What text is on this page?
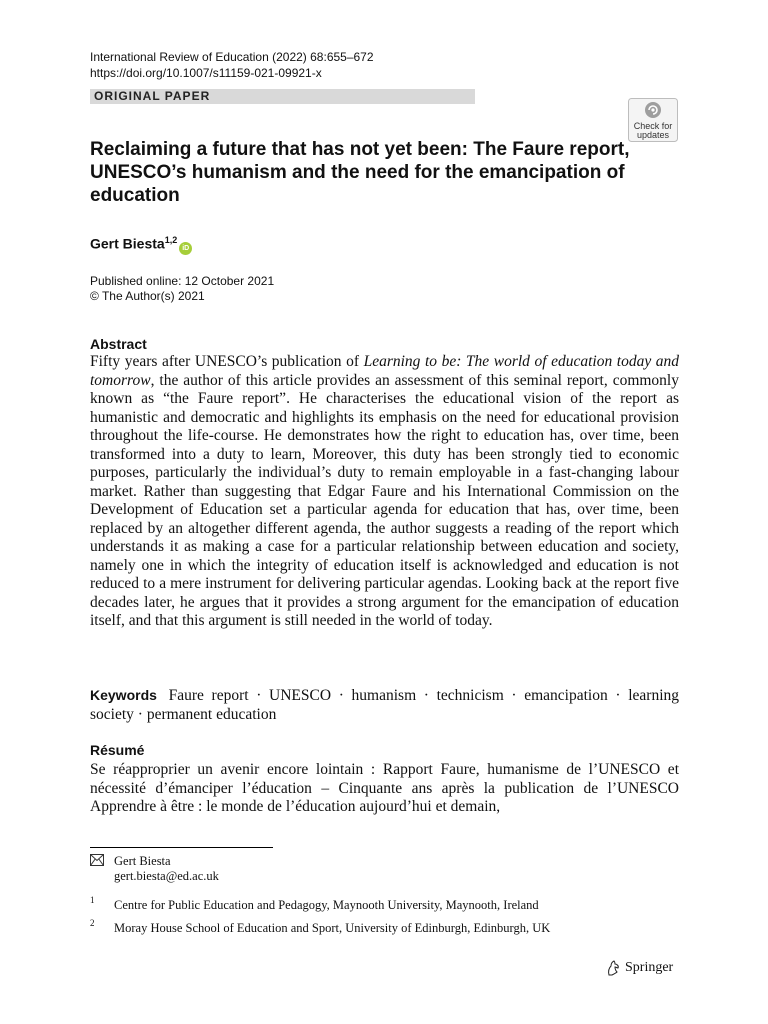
International Review of Education (2022) 68:655–672
https://doi.org/10.1007/s11159-021-09921-x
ORIGINAL PAPER
Check for updates
Reclaiming a future that has not yet been: The Faure report, UNESCO’s humanism and the need for the emancipation of education
Gert Biesta$^{1,2}$iD
Published online: 12 October 2021
© The Author(s) 2021
Abstract

Fifty years after UNESCO’s publication of Learning to be: The world of education today and tomorrow, the author of this article provides an assessment of this seminal report, commonly known as “the Faure report”. He characterises the educational vision of the report as humanistic and democratic and highlights its emphasis on the need for educational provision throughout the life-course. He demonstrates how the right to education has, over time, been transformed into a duty to learn, Moreover, this duty has been strongly tied to economic purposes, particularly the individual’s duty to remain employable in a fast-changing labour market. Rather than suggesting that Edgar Faure and his International Commission on the Development of Education set a particular agenda for education that has, over time, been replaced by an altogether different agenda, the author suggests a reading of the report which understands it as making a case for a particular relationship between education and society, namely one in which the integrity of education itself is acknowledged and education is not reduced to a mere instrument for delivering particular agendas. Looking back at the report five decades later, he argues that it provides a strong argument for the emancipation of education itself, and that this argument is still needed in the world of today.

Keywords Faure report · UNESCO · humanism · technicism · emancipation · learning society · permanent education

Résumé

Se réapproprier un avenir encore lointain : Rapport Faure, humanisme de l’UNESCO et nécessité d’émanciper l’éducation – Cinquante ans après la publication de l’UNESCO Apprendre à être : le monde de l’éducation aujourd’hui et demain,

Gert Biesta
gert.biesta@ed.ac.uk
1 Centre for Public Education and Pedagogy, Maynooth University, Maynooth, Ireland
2 Moray House School of Education and Sport, University of Edinburgh, Edinburgh, UK
Springer
